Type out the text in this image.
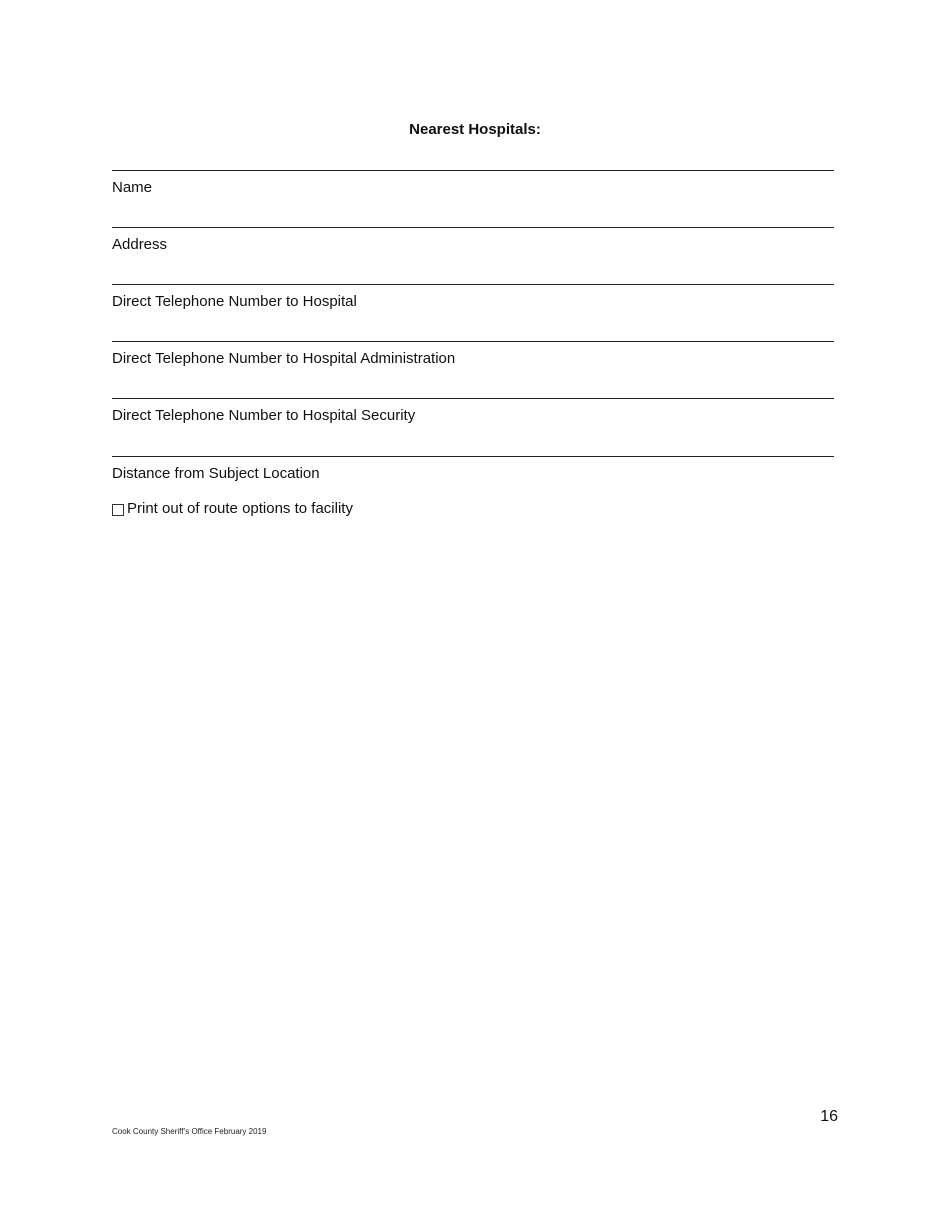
Nearest Hospitals:
Name
Address
Direct Telephone Number to Hospital
Direct Telephone Number to Hospital Administration
Direct Telephone Number to Hospital Security
Distance from Subject Location
Print out of route options to facility
16
Cook County Sheriff’s Office February 2019
